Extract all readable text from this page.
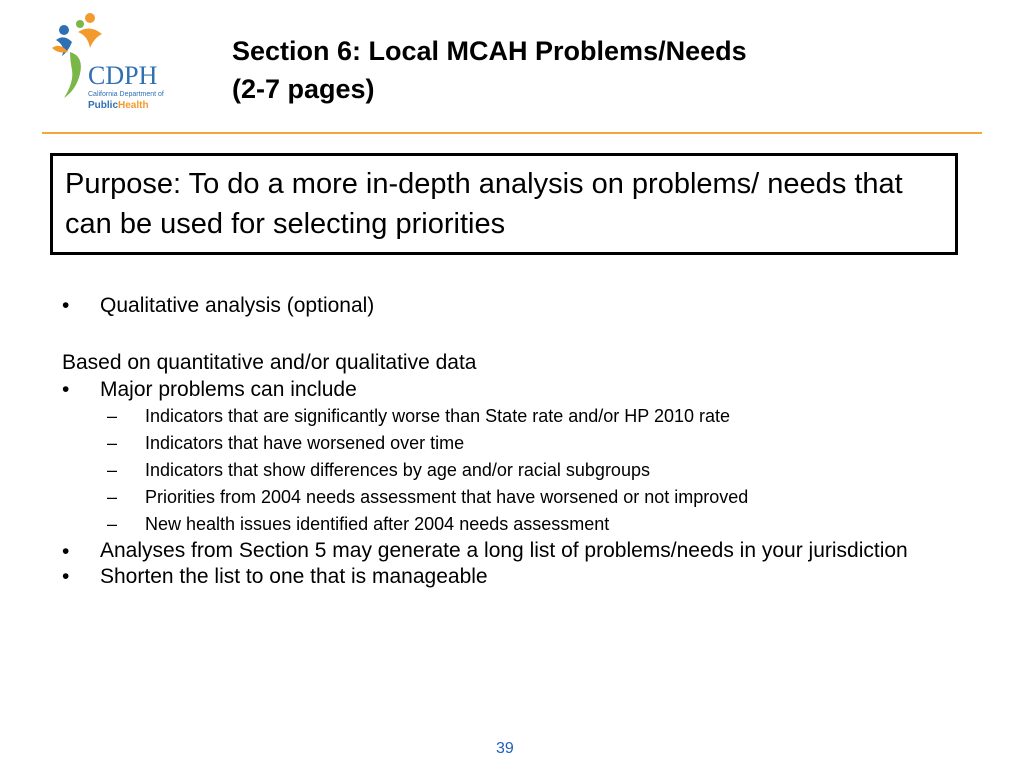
CDPH
California Department of
PublicHealth
Section 6: Local MCAH Problems/Needs
(2-7 pages)
Purpose: To do a more in-depth analysis on problems/ needs that can be used for selecting priorities
•	Qualitative analysis (optional)
Based on quantitative and/or qualitative data
•	Major problems can include
–	Indicators that are significantly worse than State rate and/or HP 2010 rate
–	Indicators that have worsened over time
–	Indicators that show differences by age and/or racial subgroups
–	Priorities from 2004 needs assessment that have worsened or not improved
–	New health issues identified after 2004 needs assessment
•	Analyses from Section 5 may generate a long list of problems/needs in your jurisdiction
•	Shorten the list to one that is manageable
39
